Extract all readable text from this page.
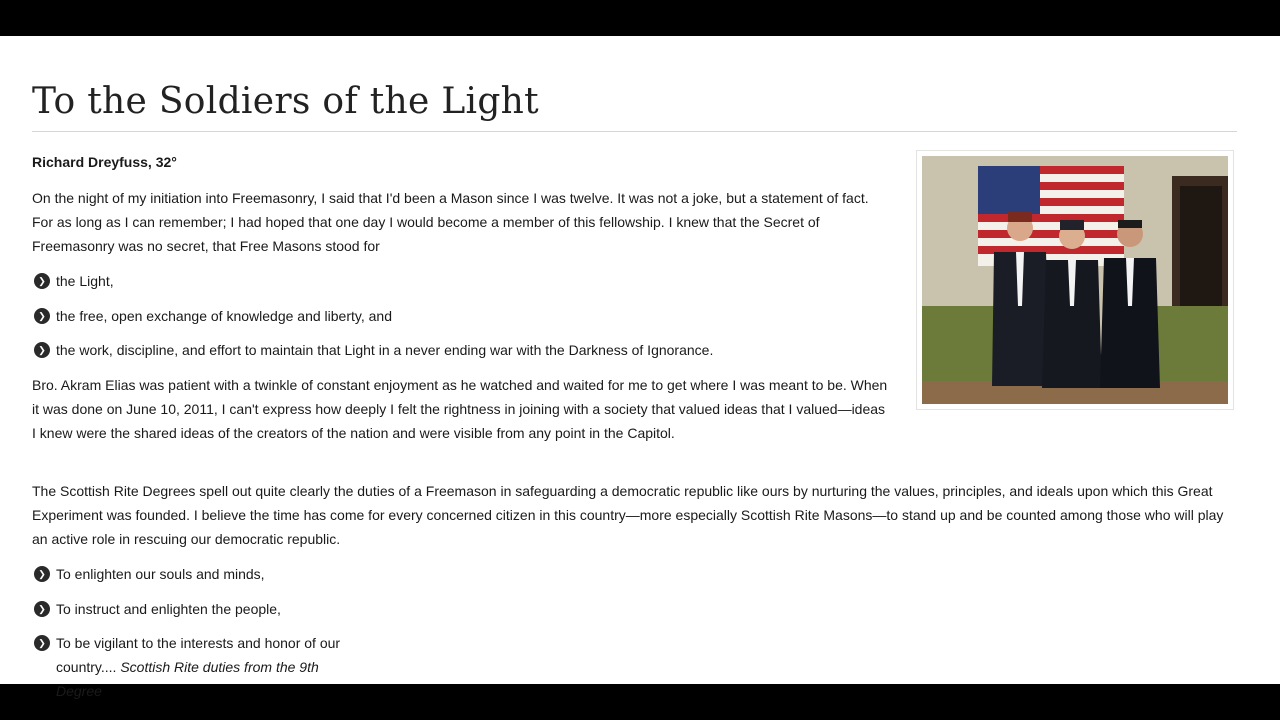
To the Soldiers of the Light
Richard Dreyfuss, 32°

On the night of my initiation into Freemasonry, I said that I'd been a Mason since I was twelve. It was not a joke, but a statement of fact. For as long as I can remember; I had hoped that one day I would become a member of this fellowship. I knew that the Secret of Freemasonry was no secret, that Free Masons stood for

❯ the Light,
❯ the free, open exchange of knowledge and liberty, and
❯ the work, discipline, and effort to maintain that Light in a never ending war with the Darkness of Ignorance.

Bro. Akram Elias was patient with a twinkle of constant enjoyment as he watched and waited for me to get where I was meant to be. When it was done on June 10, 2011, I can't express how deeply I felt the rightness in joining with a society that valued ideas that I valued—ideas I knew were the shared ideas of the creators of the nation and were visible from any point in the Capitol.

The Scottish Rite Degrees spell out quite clearly the duties of a Freemason in safeguarding a democratic republic like ours by nurturing the values, principles, and ideals upon which this Great Experiment was founded. I believe the time has come for every concerned citizen in this country—more especially Scottish Rite Masons—to stand up and be counted among those who will play an active role in rescuing our democratic republic.

❯ To enlighten our souls and minds,
❯ To instruct and enlighten the people,
❯ To be vigilant to the interests and honor of our country.... Scottish Rite duties from the 9th Degree
